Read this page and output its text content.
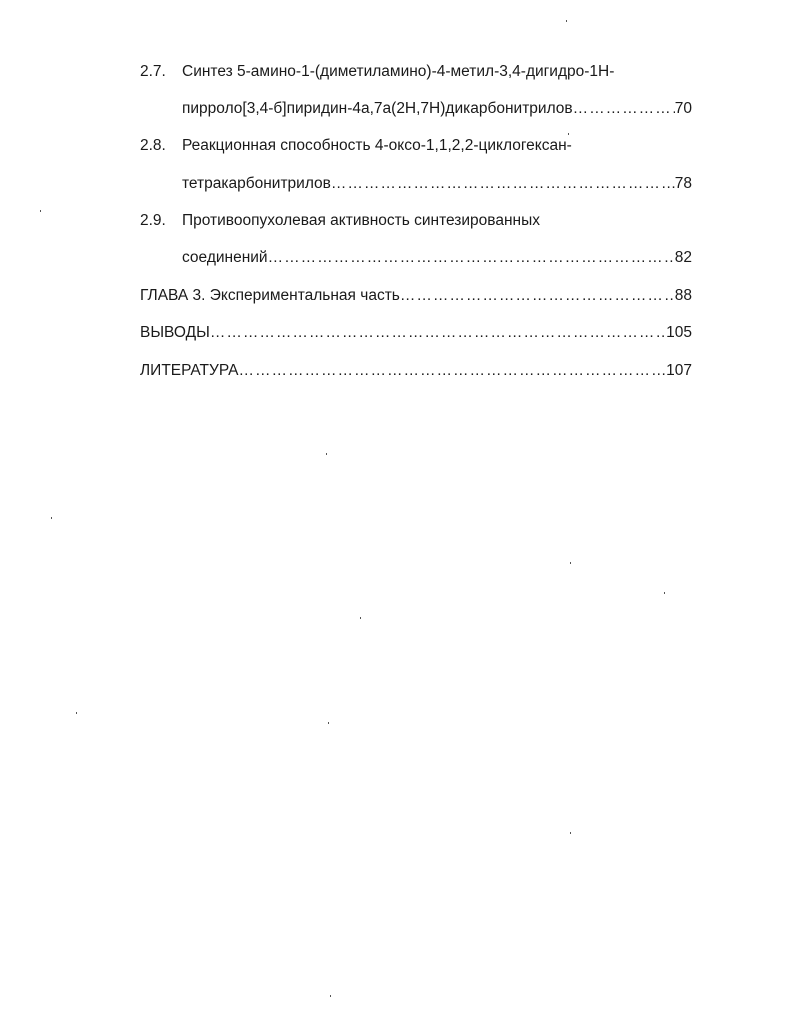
2.7. Синтез 5-амино-1-(диметиламино)-4-метил-3,4-дигидро-1H-
пирроло[3,4-б]пиридин-4а,7а(2H,7H)дикарбонитрилов ……………………………………………………………………………………………………………………………………	70
2.8. Реакционная способность 4-оксо-1,1,2,2-циклогексан-
тетракарбонитрилов ……………………………………………………………………………………………………………………………………	78
2.9. Противоопухолевая активность синтезированных
соединений ……………………………………………………………………………………………………………………………………	82
ГЛАВА 3. Экспериментальная часть ……………………………………………………………………………………………………………………………………	88
ВЫВОДЫ ……………………………………………………………………………………………………………………………………	105
ЛИТЕРАТУРА ……………………………………………………………………………………………………………………………………	107
